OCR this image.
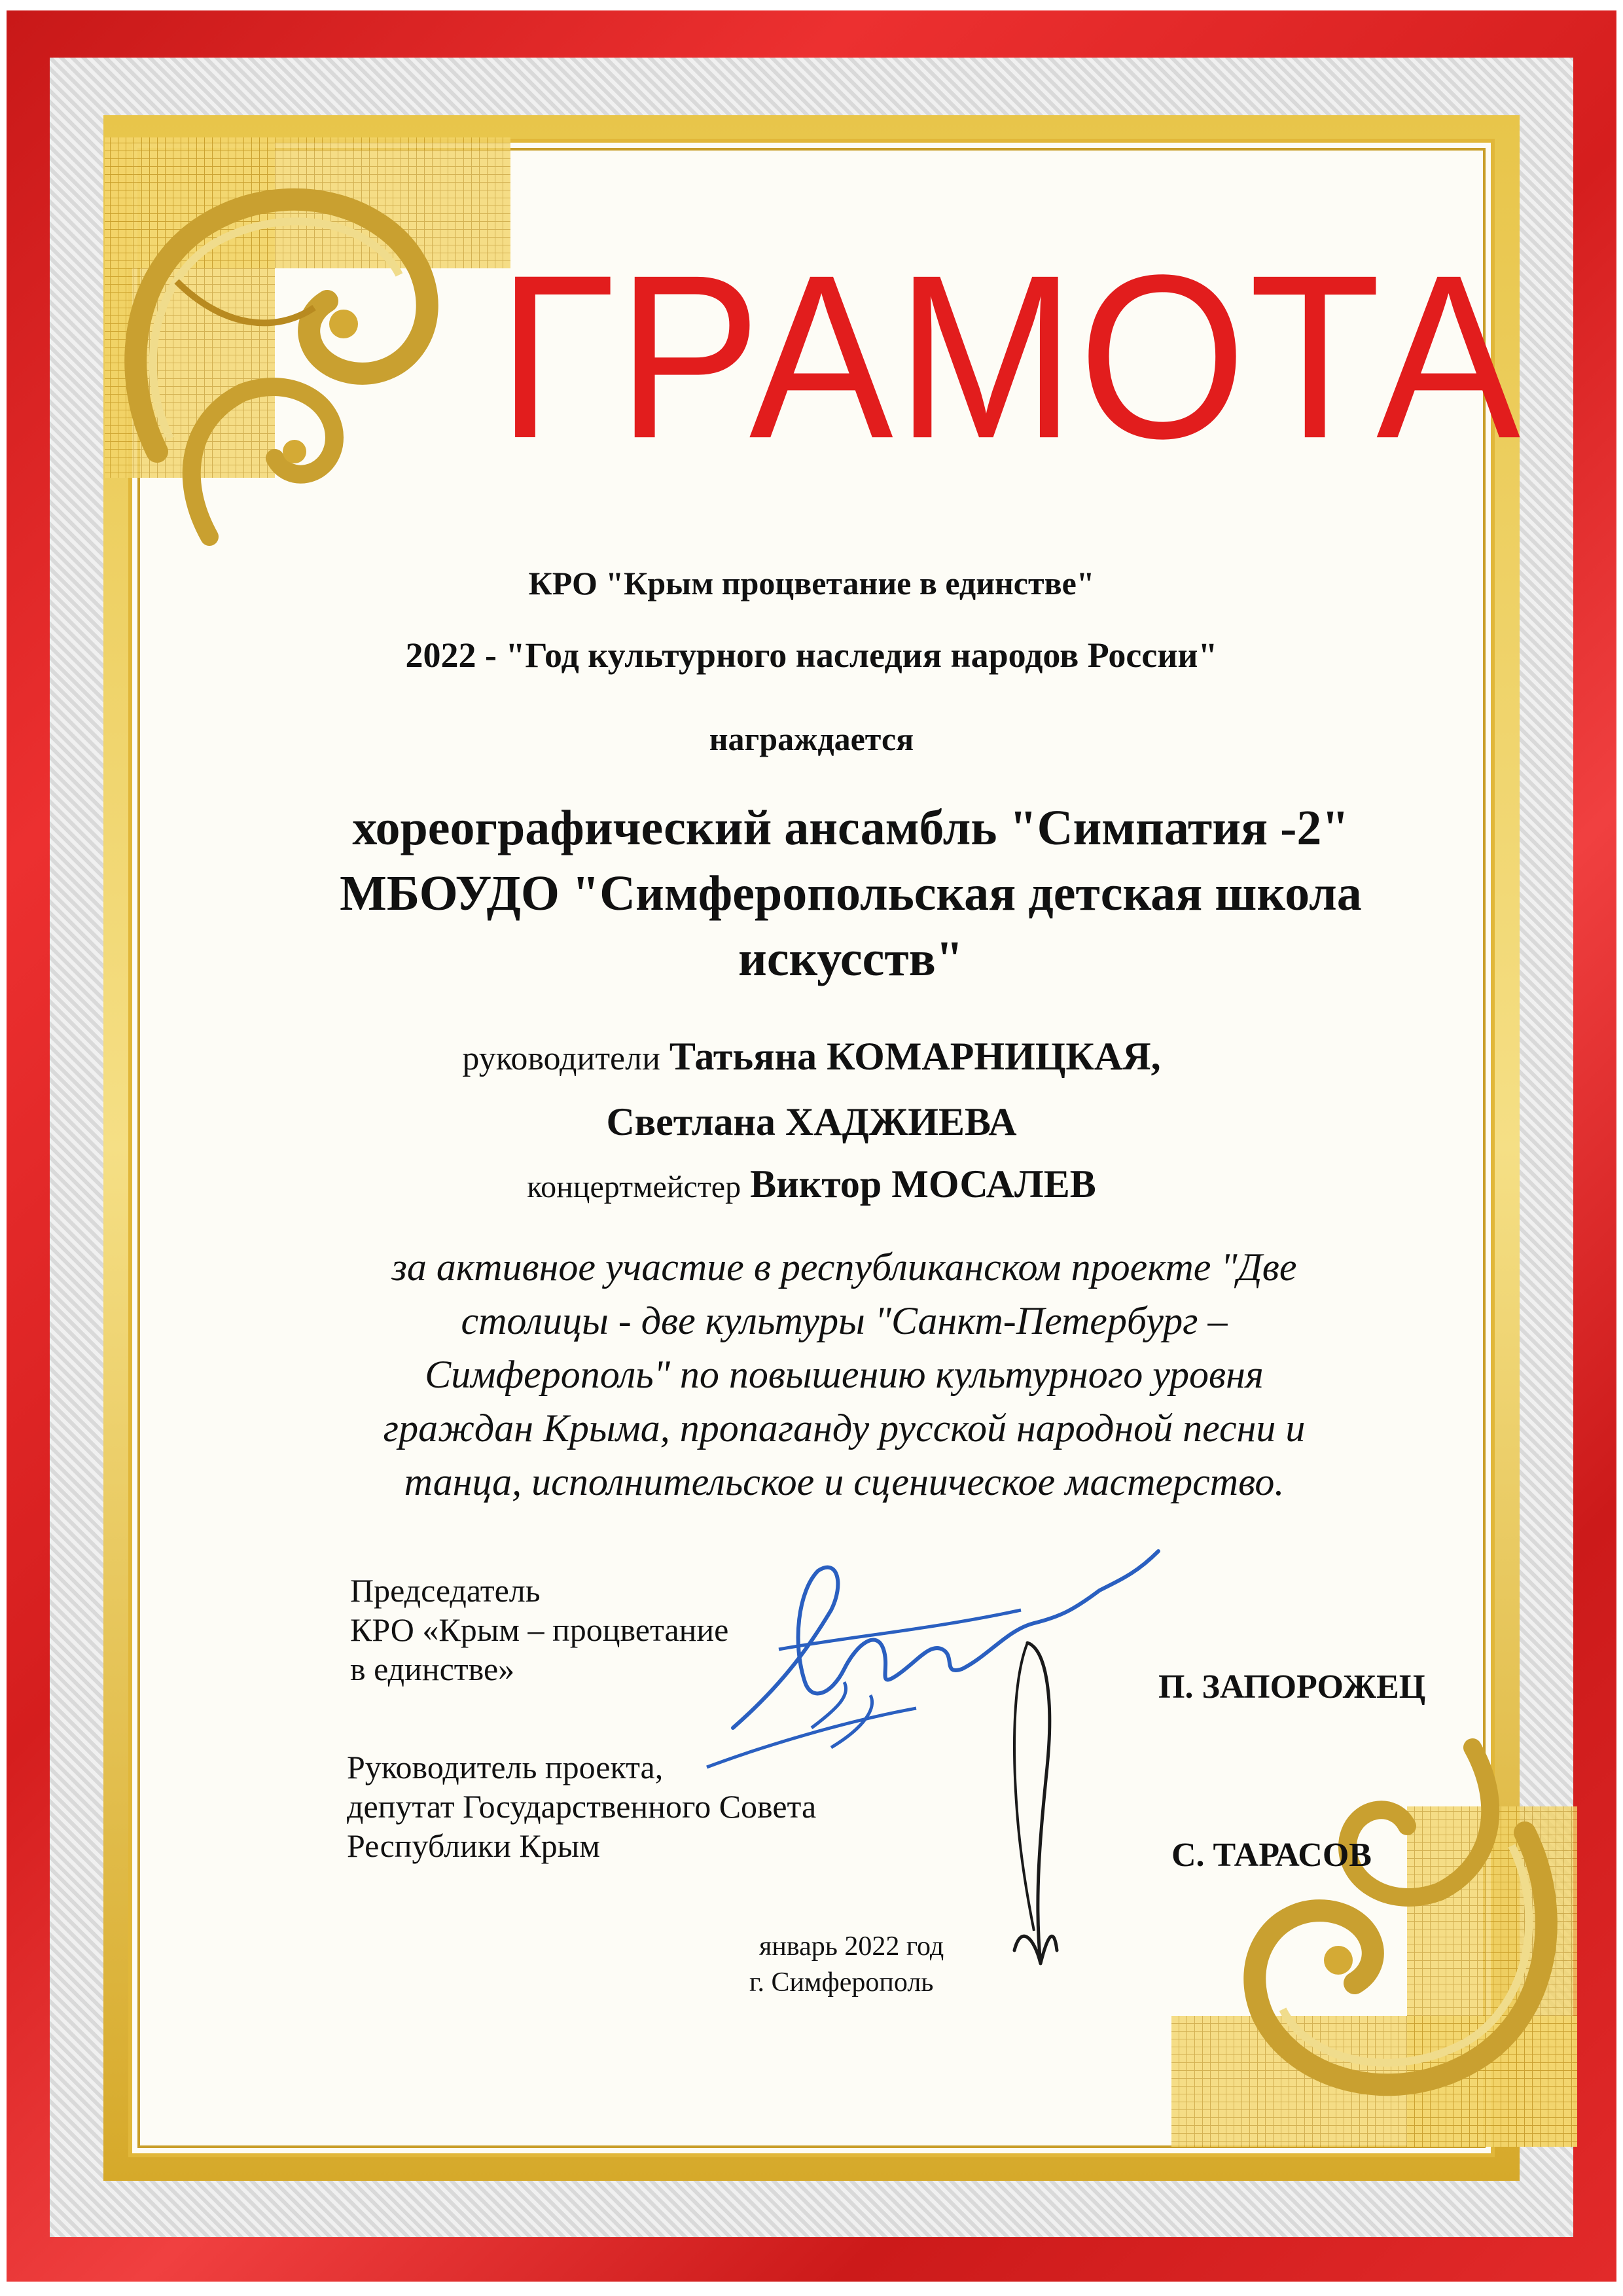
ГРАМОТА
КРО "Крым процветание в единстве"
2022 - "Год культурного наследия народов России"
награждается
хореографический ансамбль "Симпатия -2"
МБОУДО "Симферопольская детская школа
искусств"
руководители Татьяна КОМАРНИЦКАЯ,
Светлана ХАДЖИЕВА
концертмейстер Виктор МОСАЛЕВ
за активное участие в республиканском проекте "Две
столицы - две культуры "Санкт-Петербург –
Симферополь" по повышению культурного уровня
граждан Крыма, пропаганду русской народной песни и
танца, исполнительское и сценическое мастерство.
Председатель
КРО «Крым – процветание
в единстве»	П. ЗАПОРОЖЕЦ
Руководитель проекта,
депутат Государственного Совета
Республики Крым	С. ТАРАСОВ
январь 2022 год
г. Симферополь
